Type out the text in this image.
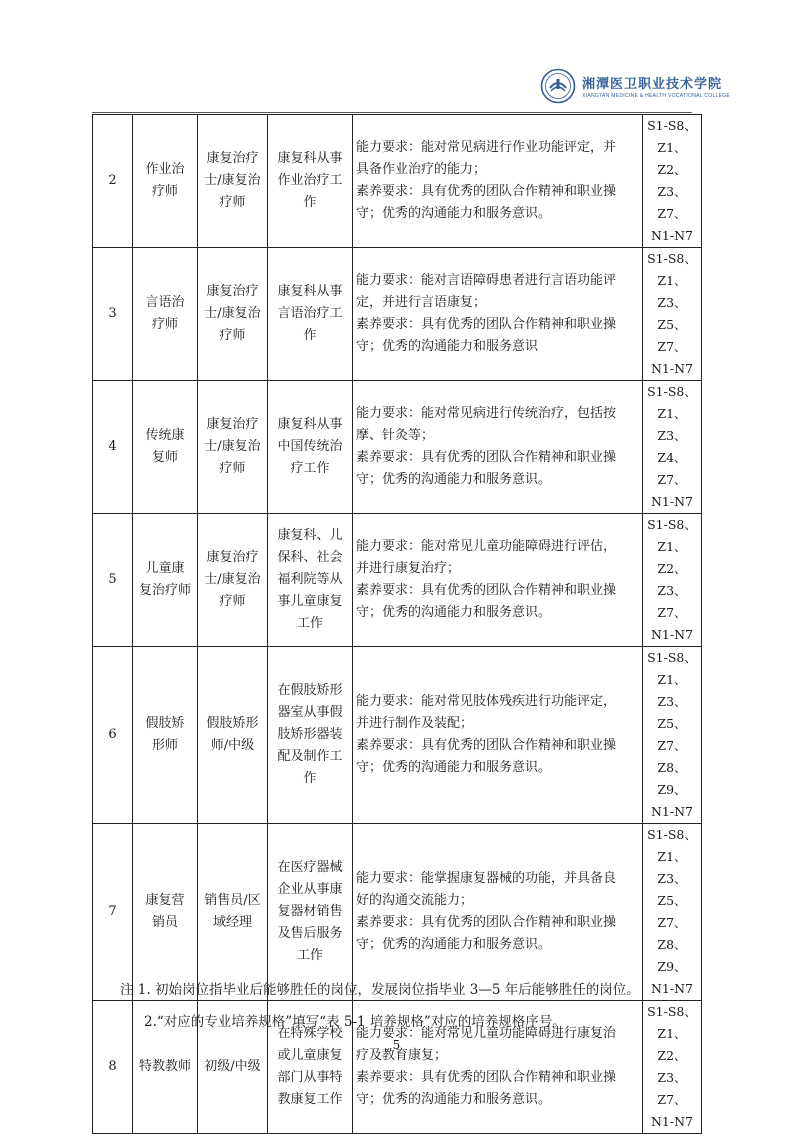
湘潭医卫职业技术学院
XIANGTAN MEDICINE & HEALTH VOCATIONAL COLLEGE
2	作业治
疗师	康复治疗
士/康复治
疗师	康复科从事
作业治疗工
作	能力要求：能对常见病进行作业功能评定，并
具备作业治疗的能力；
素养要求：具有优秀的团队合作精神和职业操
守；优秀的沟通能力和服务意识。	S1-S8、
Z1、Z2、
Z3、Z7、
N1-N7

3	言语治
疗师	康复治疗
士/康复治
疗师	康复科从事
言语治疗工
作	能力要求：能对言语障碍患者进行言语功能评
定，并进行言语康复；
素养要求：具有优秀的团队合作精神和职业操
守；优秀的沟通能力和服务意识	S1-S8、
Z1、Z3、
Z5、Z7、
N1-N7

4	传统康
复师	康复治疗
士/康复治
疗师	康复科从事
中国传统治
疗工作	能力要求：能对常见病进行传统治疗，包括按
摩、针灸等；
素养要求：具有优秀的团队合作精神和职业操
守；优秀的沟通能力和服务意识。	S1-S8、
Z1、Z3、
Z4、Z7、
N1-N7

5	儿童康
复治疗师	康复治疗
士/康复治
疗师	康复科、儿
保科、社会
福利院等从
事儿童康复
工作	能力要求：能对常见儿童功能障碍进行评估，
并进行康复治疗；
素养要求：具有优秀的团队合作精神和职业操
守；优秀的沟通能力和服务意识。	S1-S8、
Z1、Z2、
Z3、Z7、
N1-N7

6	假肢矫
形师	假肢矫形
师/中级	在假肢矫形
器室从事假
肢矫形器装
配及制作工
作	能力要求：能对常见肢体残疾进行功能评定，
并进行制作及装配；
素养要求：具有优秀的团队合作精神和职业操
守；优秀的沟通能力和服务意识。	S1-S8、
Z1、Z3、
Z5、Z7、
Z8、Z9、
N1-N7

7	康复营
销员	销售员/区
域经理	在医疗器械
企业从事康
复器材销售
及售后服务
工作	能力要求：能掌握康复器械的功能，并具备良
好的沟通交流能力；
素养要求：具有优秀的团队合作精神和职业操
守；优秀的沟通能力和服务意识。	S1-S8、
Z1、Z3、
Z5、Z7、
Z8、Z9、
N1-N7

8	特教教师	初级/中级	在特殊学校
或儿童康复
部门从事特
教康复工作	能力要求：能对常见儿童功能障碍进行康复治
疗及教育康复；
素养要求：具有优秀的团队合作精神和职业操
守；优秀的沟通能力和服务意识。	S1-S8、
Z1、Z2、
Z3、Z7、
N1-N7
注 1. 初始岗位指毕业后能够胜任的岗位，发展岗位指毕业 3—5 年后能够胜任的岗位。
2.“对应的专业培养规格”填写“表 5-1 培养规格”对应的培养规格序号。
5
